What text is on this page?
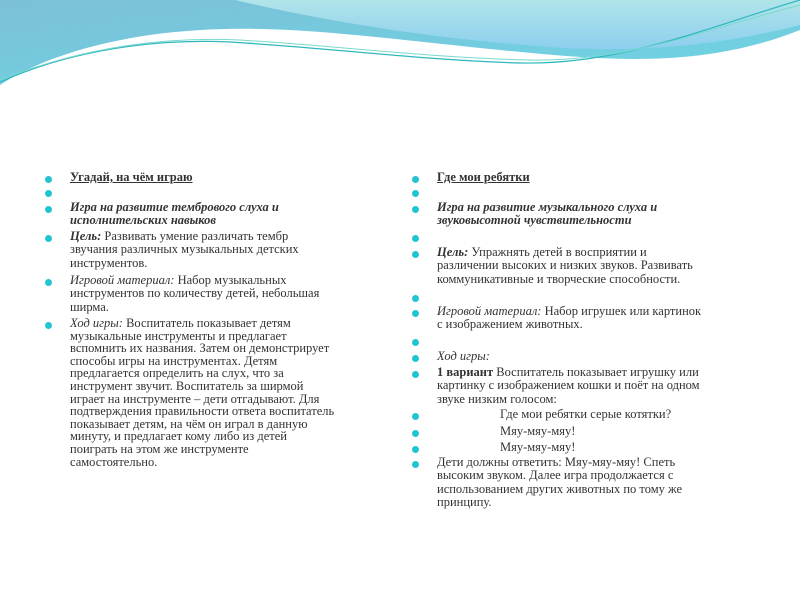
Угадай, на чём играю
Игра на развитие тембрового слуха и
исполнительских навыков
Цель: Развивать умение различать тембр
звучания различных музыкальных детских
инструментов.
Игровой материал: Набор музыкальных
инструментов по количеству детей, небольшая
ширма.
Ход игры: Воспитатель показывает детям
музыкальные инструменты и предлагает
вспомнить их названия. Затем он демонстрирует
способы игры на инструментах. Детям
предлагается определить на слух, что за
инструмент звучит. Воспитатель за ширмой
играет на инструменте – дети отгадывают. Для
подтверждения правильности ответа воспитатель
показывает детям, на чём он играл в данную
минуту, и предлагает кому либо из детей
поиграть на этом же инструменте
самостоятельно.
Где мои ребятки
Игра на развитие музыкального слуха и
звуковысотной чувствительности
Цель: Упражнять детей в восприятии и
различении высоких и низких звуков. Развивать
коммуникативные и творческие способности.
Игровой материал: Набор игрушек или картинок
с изображением животных.
Ход игры:
1 вариант Воспитатель показывает игрушку или
картинку с изображением кошки и поёт на одном
звуке низким голосом:
Где мои ребятки серые котятки?
Мяу-мяу-мяу!
Мяу-мяу-мяу!
Дети должны ответить: Мяу-мяу-мяу! Спеть
высоким звуком. Далее игра продолжается с
использованием других животных по тому же
принципу.
